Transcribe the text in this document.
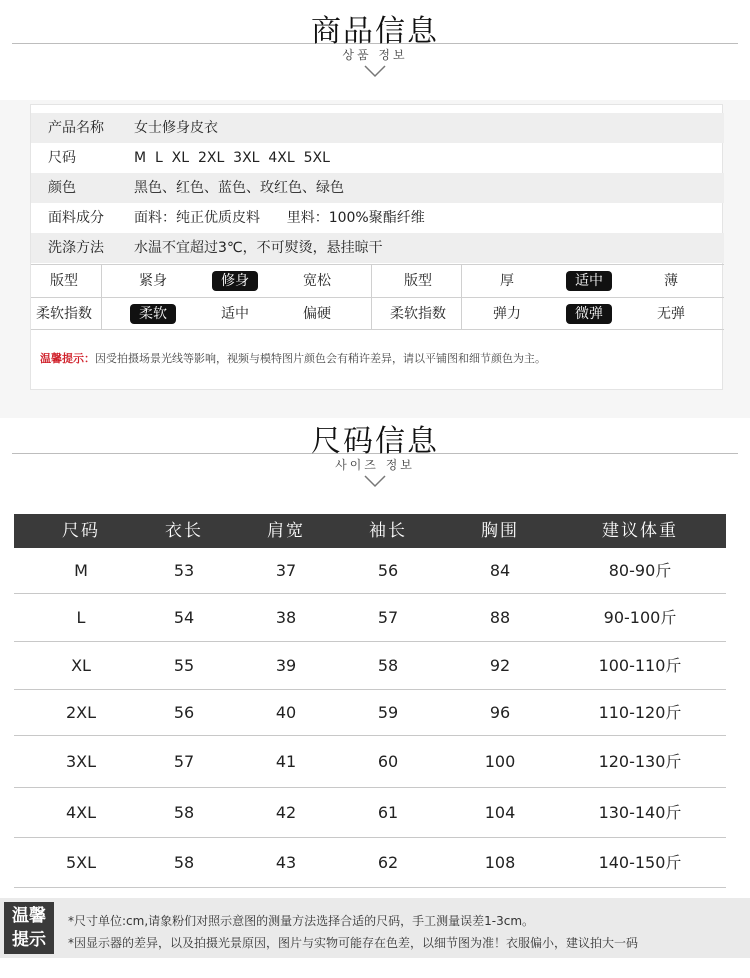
商品信息
상품 정보
产品名称 女士修身皮衣
尺码	M  L  XL  2XL  3XL  4XL  5XL
颜色	黑色、红色、蓝色、玫红色、绿色
面料成分 面料：纯正优质皮料      里料：100%聚酯纤维
洗涤方法 水温不宜超过3℃，不可熨烫，悬挂晾干
版型	紧身	修身	宽松	版型	厚	适中	薄
柔软指数	柔软	适中	偏硬	柔软指数	弹力	微弹	无弹
温馨提示：因受拍摄场景光线等影响，视频与模特图片颜色会有稍许差异，请以平铺图和细节颜色为主。
尺码信息
사이즈 정보
尺码	衣长	肩宽	袖长	胸围	建议体重
M	53	37	56	84	80-90斤
L	54	38	57	88	90-100斤
XL	55	39	58	92	100-110斤
2XL	56	40	59	96	110-120斤
3XL	57	41	60	100	120-130斤
4XL	58	42	61	104	130-140斤
5XL	58	43	62	108	140-150斤
温馨
提示
*尺寸单位:cm,请象粉们对照示意图的测量方法选择合适的尺码，手工测量误差1-3cm。
*因显示器的差异，以及拍摄光景原因，图片与实物可能存在色差，以细节图为准！衣服偏小，建议拍大一码
